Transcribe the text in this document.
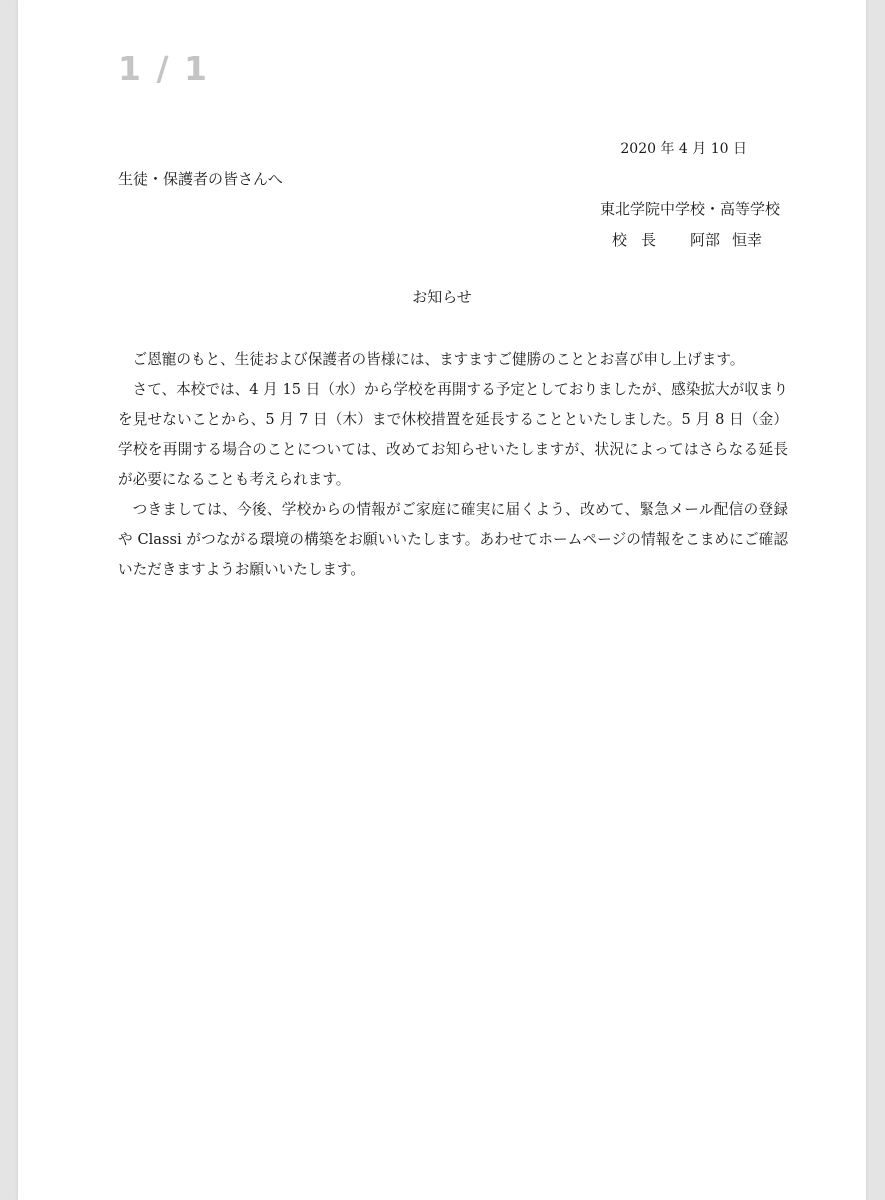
1 / 1
2020 年 4 月 10 日
生徒・保護者の皆さんへ
東北学院中学校・高等学校
校 長 阿部 恒幸
お知らせ

ご恩寵のもと、生徒および保護者の皆様には、ますますご健勝のこととお喜び申し上げます。

さて、本校では、4 月 15 日（水）から学校を再開する予定としておりましたが、感染拡大が収まりを見せないことから、5 月 7 日（木）まで休校措置を延長することといたしました。5 月 8 日（金）学校を再開する場合のことについては、改めてお知らせいたしますが、状況によってはさらなる延長が必要になることも考えられます。

つきましては、今後、学校からの情報がご家庭に確実に届くよう、改めて、緊急メール配信の登録や Classi がつながる環境の構築をお願いいたします。あわせてホームページの情報をこまめにご確認いただきますようお願いいたします。
